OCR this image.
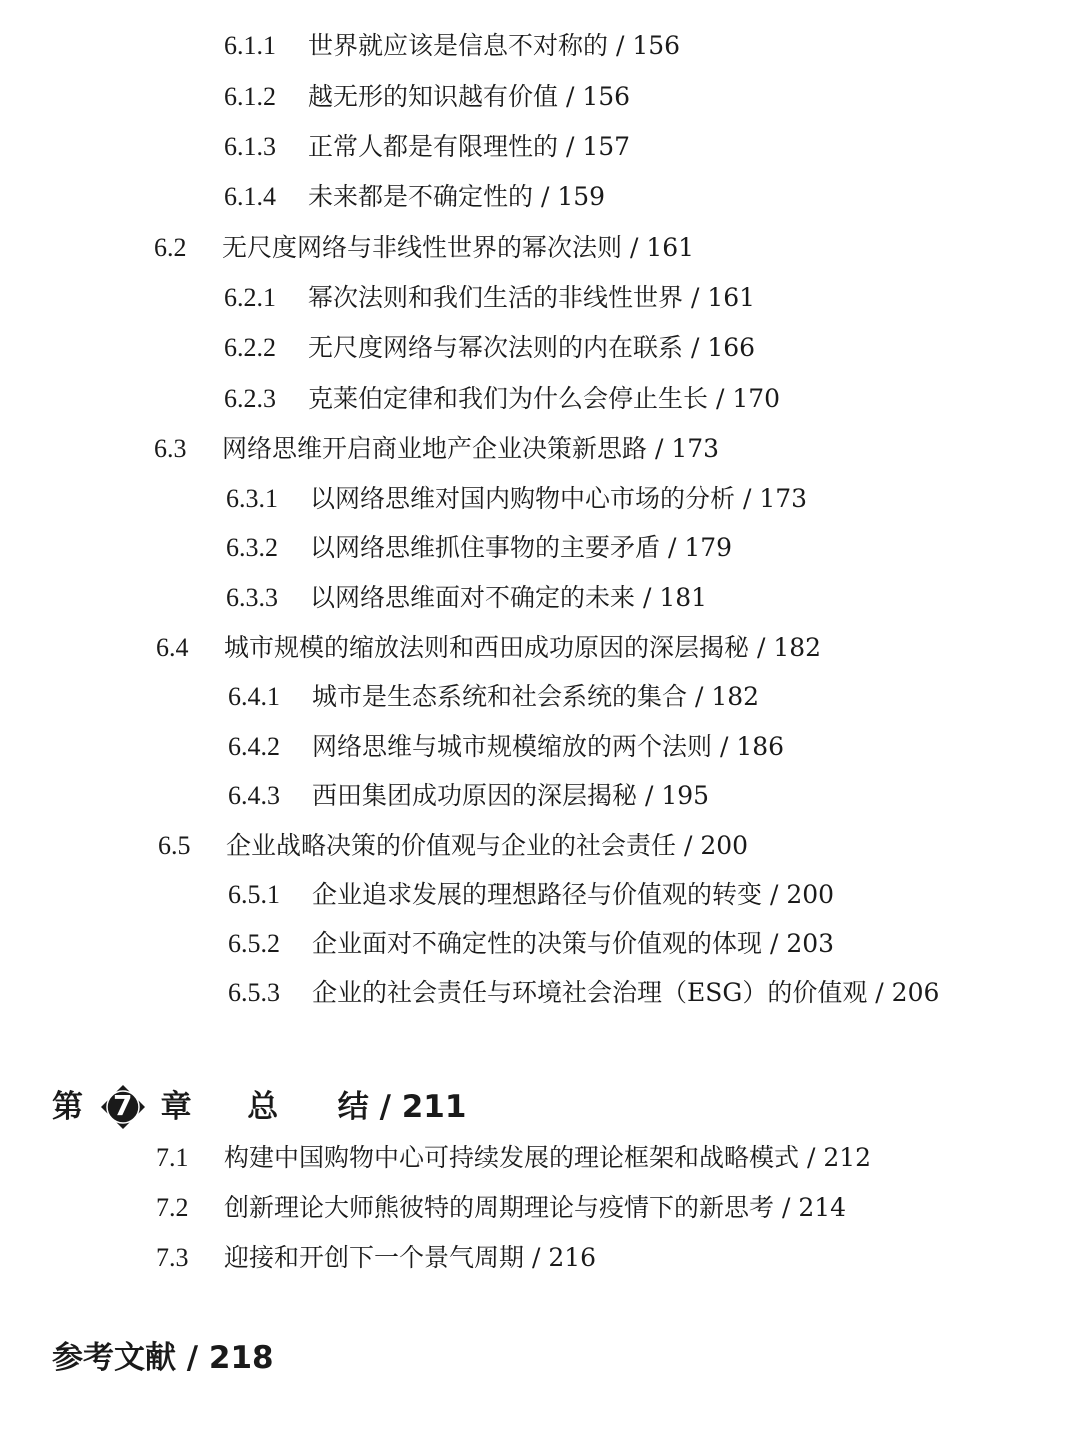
6.1.1 世界就应该是信息不对称的 / 156
6.1.2 越无形的知识越有价值 / 156
6.1.3 正常人都是有限理性的 / 157
6.1.4 未来都是不确定性的 / 159
6.2 无尺度网络与非线性世界的幂次法则 / 161
6.2.1 幂次法则和我们生活的非线性世界 / 161
6.2.2 无尺度网络与幂次法则的内在联系 / 166
6.2.3 克莱伯定律和我们为什么会停止生长 / 170
6.3 网络思维开启商业地产企业决策新思路 / 173
6.3.1 以网络思维对国内购物中心市场的分析 / 173
6.3.2 以网络思维抓住事物的主要矛盾 / 179
6.3.3 以网络思维面对不确定的未来 / 181
6.4 城市规模的缩放法则和西田成功原因的深层揭秘 / 182
6.4.1 城市是生态系统和社会系统的集合 / 182
6.4.2 网络思维与城市规模缩放的两个法则 / 186
6.4.3 西田集团成功原因的深层揭秘 / 195
6.5 企业战略决策的价值观与企业的社会责任 / 200
6.5.1 企业追求发展的理想路径与价值观的转变 / 200
6.5.2 企业面对不确定性的决策与价值观的体现 / 203
6.5.3 企业的社会责任与环境社会治理（ESG）的价值观 / 206
第	7 章 总 结 / 211
7.1 构建中国购物中心可持续发展的理论框架和战略模式 / 212
7.2 创新理论大师熊彼特的周期理论与疫情下的新思考 / 214
7.3 迎接和开创下一个景气周期 / 216
参考文献 / 218
